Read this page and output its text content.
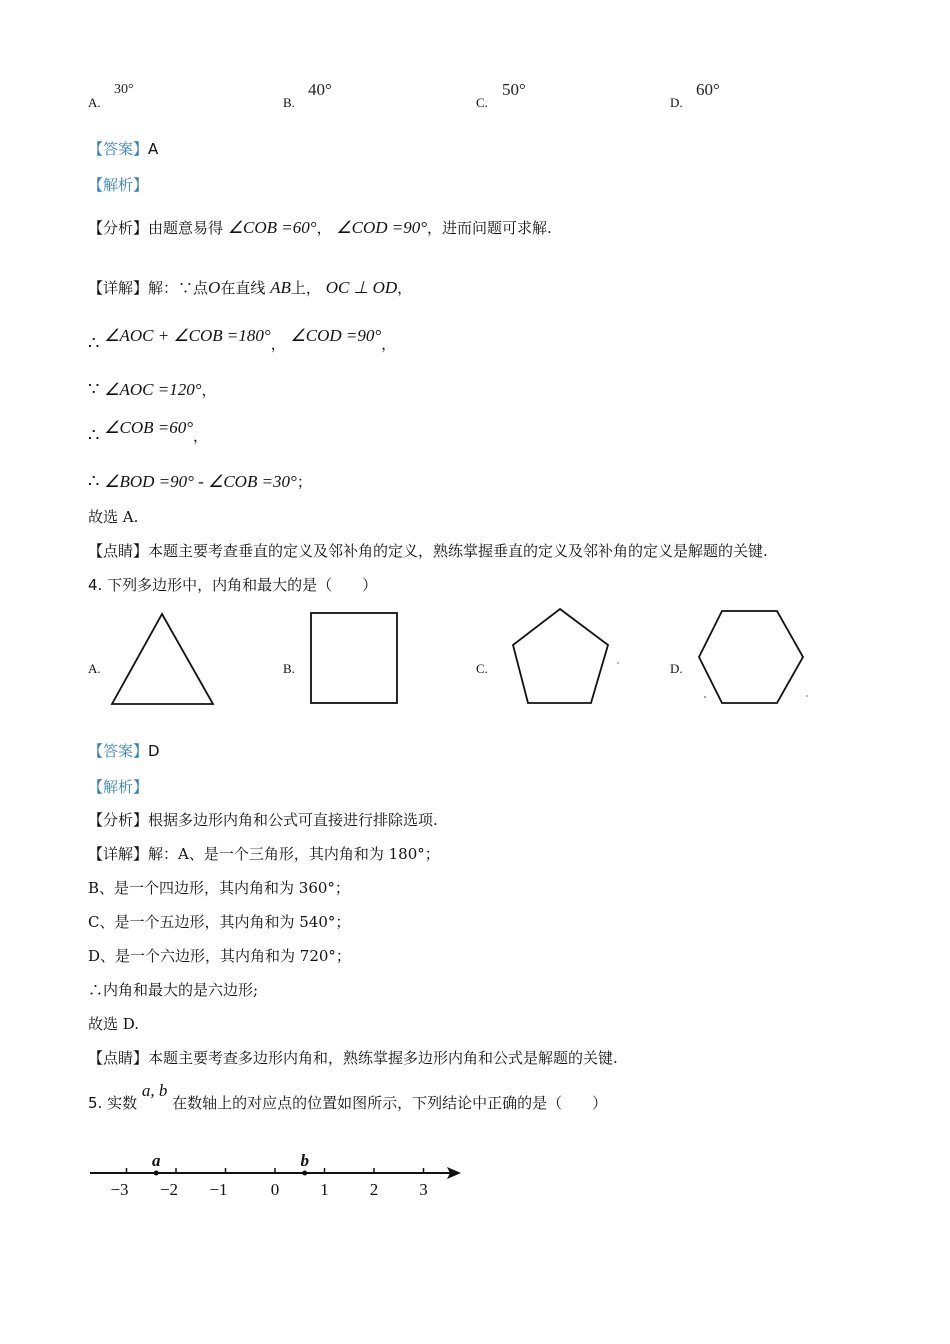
A.
30°
B.
40°
C.
50°
D.
60°
【答案】A
【解析】
【分析】由题意易得 ∠COB =60°， ∠COD =90°，进而问题可求解.
【详解】解：∵点O在直线 AB上， OC ⊥ OD，
∴ ∠AOC + ∠COB =180°， ∠COD =90°，
∵ ∠AOC =120°，
∴ ∠COB =60°，
∴ ∠BOD =90° - ∠COB =30°；
故选 A.
【点睛】本题主要考查垂直的定义及邻补角的定义，熟练掌握垂直的定义及邻补角的定义是解题的关键.
4. 下列多边形中，内角和最大的是（　　）
A.	B.	C.	D.
【答案】D
【解析】
【分析】根据多边形内角和公式可直接进行排除选项.
【详解】解：A、是一个三角形，其内角和为 180°；
B、是一个四边形，其内角和为 360°；
C、是一个五边形，其内角和为 540°；
D、是一个六边形，其内角和为 720°；
∴内角和最大的是六边形;
故选 D.
【点睛】本题主要考查多边形内角和，熟练掌握多边形内角和公式是解题的关键.
5. 实数 a, b 在数轴上的对应点的位置如图所示，下列结论中正确的是（　　）
−3 −2 −1	0 1 2 3
a	b
